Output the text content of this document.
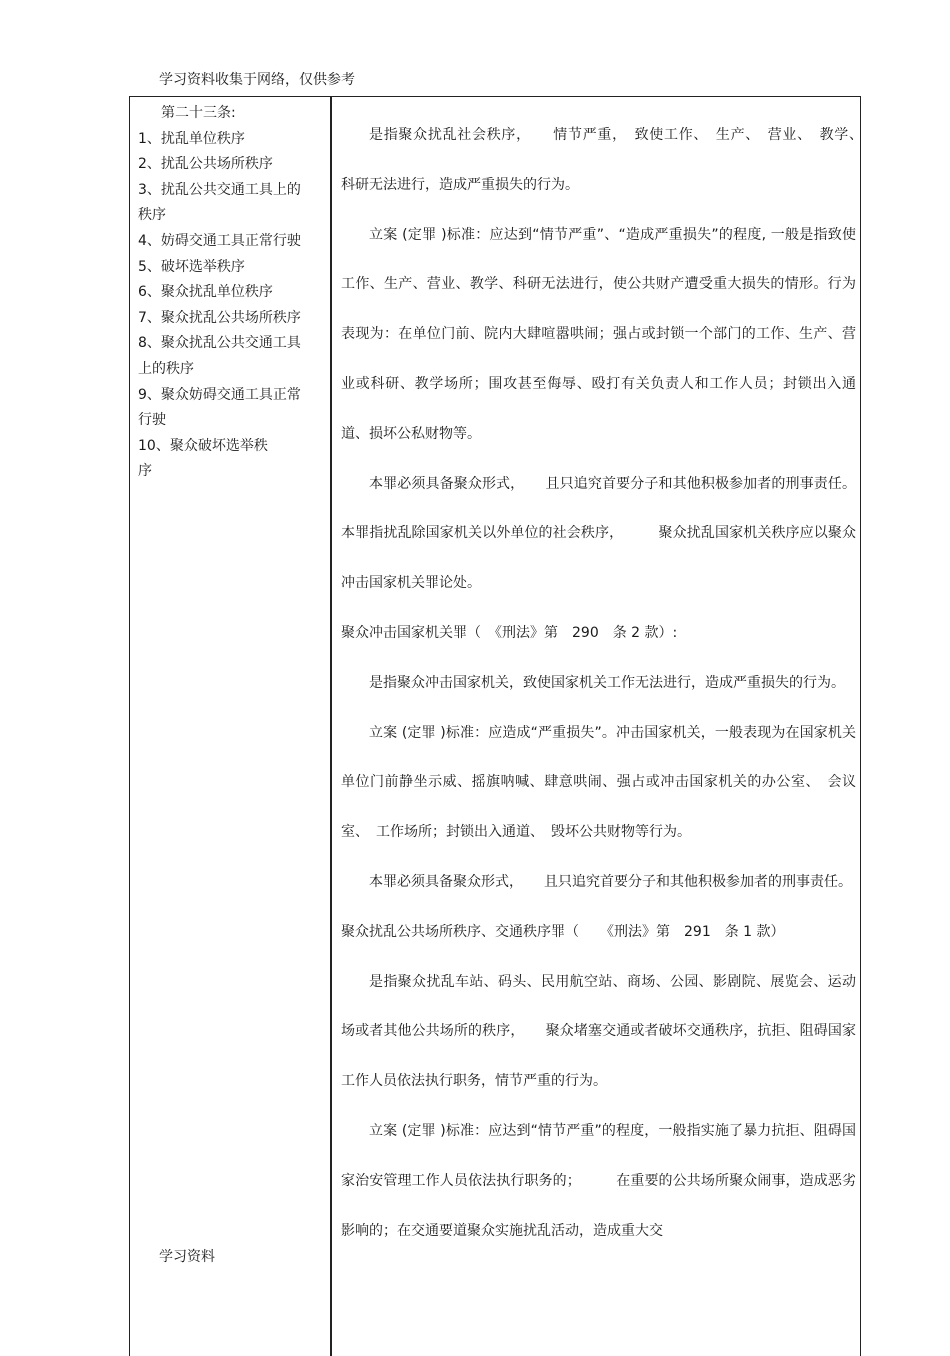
学习资料收集于网络，仅供参考
第二十三条:
1、扰乱单位秩序
2、扰乱公共场所秩序
3、扰乱公共交通工具上的
秩序
4、妨碍交通工具正常行驶
5、破坏选举秩序
6、聚众扰乱单位秩序
7、聚众扰乱公共场所秩序
8、聚众扰乱公共交通工具
上的秩序
9、聚众妨碍交通工具正常
行驶
10、聚众破坏选举秩
序
学习资料

是指聚众扰乱社会秩序，　　情节严重，　致使工作、　生产、　营业、　教学、　科研无法进行，造成严重损失的行为。

立案 (定罪 )标准：应达到“情节严重”、“造成严重损失”的程度, 一般是指致使工作、生产、营业、教学、科研无法进行，使公共财产遭受重大损失的情形。行为表现为：在单位门前、院内大肆喧嚣哄闹；强占或封锁一个部门的工作、生产、营业或科研、教学场所；围攻甚至侮辱、殴打有关负责人和工作人员；封锁出入通道、损坏公私财物等。

本罪必须具备聚众形式，　　且只追究首要分子和其他积极参加者的刑事责任。 本罪指扰乱除国家机关以外单位的社会秩序，　　　聚众扰乱国家机关秩序应以聚众冲击国家机关罪论处。

聚众冲击国家机关罪（　《刑法》第　290　条 2 款）:

是指聚众冲击国家机关，致使国家机关工作无法进行，造成严重损失的行为。

立案 (定罪 )标准：应造成“严重损失”。冲击国家机关，一般表现为在国家机关单位门前静坐示威、摇旗呐喊、肆意哄闹、强占或冲击国家机关的办公室、　会议室、　工作场所；封锁出入通道、　毁坏公共财物等行为。

本罪必须具备聚众形式，　　且只追究首要分子和其他积极参加者的刑事责任。

聚众扰乱公共场所秩序、交通秩序罪（　　《刑法》第　291　条 1 款）

是指聚众扰乱车站、码头、民用航空站、商场、公园、影剧院、展览会、运动场或者其他公共场所的秩序，　　聚众堵塞交通或者破坏交通秩序，抗拒、阻碍国家工作人员依法执行职务，情节严重的行为。

立案 (定罪 )标准：应达到“情节严重”的程度，一般指实施了暴力抗拒、阻碍国家治安管理工作人员依法执行职务的；　　　在重要的公共场所聚众闹事，造成恶劣影响的；在交通要道聚众实施扰乱活动，造成重大交
